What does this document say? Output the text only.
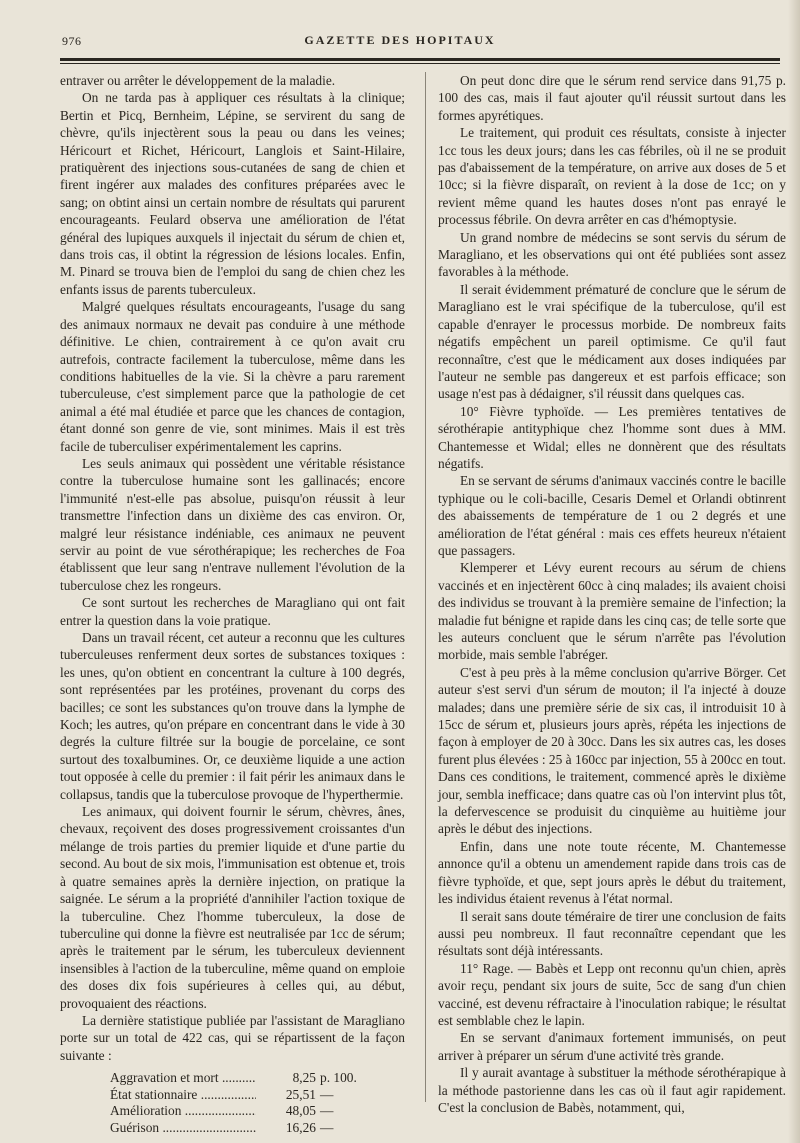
976	GAZETTE DES HOPITAUX

entraver ou arrêter le développement de la maladie.

On ne tarda pas à appliquer ces résultats à la clinique; Bertin et Picq, Bernheim, Lépine, se servirent du sang de chèvre, qu'ils injectèrent sous la peau ou dans les veines; Héricourt et Richet, Héricourt, Langlois et Saint-Hilaire, pratiquèrent des injections sous-cutanées de sang de chien et firent ingérer aux malades des confitures préparées avec le sang; on obtint ainsi un certain nombre de résultats qui parurent encourageants. Feulard observa une amélioration de l'état général des lupiques auxquels il injectait du sérum de chien et, dans trois cas, il obtint la régression de lésions locales. Enfin, M. Pinard se trouva bien de l'emploi du sang de chien chez les enfants issus de parents tuberculeux.

Malgré quelques résultats encourageants, l'usage du sang des animaux normaux ne devait pas conduire à une méthode définitive. Le chien, contrairement à ce qu'on avait cru autrefois, contracte facilement la tuberculose, même dans les conditions habituelles de la vie. Si la chèvre a paru rarement tuberculeuse, c'est simplement parce que la pathologie de cet animal a été mal étudiée et parce que les chances de contagion, étant donné son genre de vie, sont minimes. Mais il est très facile de tuberculiser expérimentalement les caprins.

Les seuls animaux qui possèdent une véritable résistance contre la tuberculose humaine sont les gallinacés; encore l'immunité n'est-elle pas absolue, puisqu'on réussit à leur transmettre l'infection dans un dixième des cas environ. Or, malgré leur résistance indéniable, ces animaux ne peuvent servir au point de vue sérothérapique; les recherches de Foa établissent que leur sang n'entrave nullement l'évolution de la tuberculose chez les rongeurs.

Ce sont surtout les recherches de Maragliano qui ont fait entrer la question dans la voie pratique.

Dans un travail récent, cet auteur a reconnu que les cultures tuberculeuses renferment deux sortes de substances toxiques : les unes, qu'on obtient en concentrant la culture à 100 degrés, sont représentées par les protéines, provenant du corps des bacilles; ce sont les substances qu'on trouve dans la lymphe de Koch; les autres, qu'on prépare en concentrant dans le vide à 30 degrés la culture filtrée sur la bougie de porcelaine, ce sont surtout des toxalbumines. Or, ce deuxième liquide a une action tout opposée à celle du premier : il fait périr les animaux dans le collapsus, tandis que la tuberculose provoque de l'hyperthermie.

Les animaux, qui doivent fournir le sérum, chèvres, ânes, chevaux, reçoivent des doses progressivement croissantes d'un mélange de trois parties du premier liquide et d'une partie du second. Au bout de six mois, l'immunisation est obtenue et, trois à quatre semaines après la dernière injection, on pratique la saignée. Le sérum a la propriété d'annihiler l'action toxique de la tuberculine. Chez l'homme tuberculeux, la dose de tuberculine qui donne la fièvre est neutralisée par 1cc de sérum; après le traitement par le sérum, les tuberculeux deviennent insensibles à l'action de la tuberculine, même quand on emploie des doses dix fois supérieures à celles qui, au début, provoquaient des réactions.

La dernière statistique publiée par l'assistant de Maragliano porte sur un total de 422 cas, qui se répartissent de la façon suivante :

Aggravation et mort .....	8,25 p. 100.
État stationnaire .....	25,51 —
Amélioration .....	48,05 —
Guérison .....	16,26 —

On peut donc dire que le sérum rend service dans 91,75 p. 100 des cas, mais il faut ajouter qu'il réussit surtout dans les formes apyrétiques.

Le traitement, qui produit ces résultats, consiste à injecter 1cc tous les deux jours; dans les cas fébriles, où il ne se produit pas d'abaissement de la température, on arrive aux doses de 5 et 10cc; si la fièvre disparaît, on revient à la dose de 1cc; on y revient même quand les hautes doses n'ont pas enrayé le processus fébrile. On devra arrêter en cas d'hémoptysie.

Un grand nombre de médecins se sont servis du sérum de Maragliano, et les observations qui ont été publiées sont assez favorables à la méthode.

Il serait évidemment prématuré de conclure que le sérum de Maragliano est le vrai spécifique de la tuberculose, qu'il est capable d'enrayer le processus morbide. De nombreux faits négatifs empêchent un pareil optimisme. Ce qu'il faut reconnaître, c'est que le médicament aux doses indiquées par l'auteur ne semble pas dangereux et est parfois efficace; son usage n'est pas à dédaigner, s'il réussit dans quelques cas.

10° Fièvre typhoïde. — Les premières tentatives de sérothérapie antityphique chez l'homme sont dues à MM. Chantemesse et Widal; elles ne donnèrent que des résultats négatifs.

En se servant de sérums d'animaux vaccinés contre le bacille typhique ou le coli-bacille, Cesaris Demel et Orlandi obtinrent des abaissements de température de 1 ou 2 degrés et une amélioration de l'état général : mais ces effets heureux n'étaient que passagers.

Klemperer et Lévy eurent recours au sérum de chiens vaccinés et en injectèrent 60cc à cinq malades; ils avaient choisi des individus se trouvant à la première semaine de l'infection; la maladie fut bénigne et rapide dans les cinq cas; de telle sorte que les auteurs concluent que le sérum n'arrête pas l'évolution morbide, mais semble l'abréger.

C'est à peu près à la même conclusion qu'arrive Börger. Cet auteur s'est servi d'un sérum de mouton; il l'a injecté à douze malades; dans une première série de six cas, il introduisit 10 à 15cc de sérum et, plusieurs jours après, répéta les injections de façon à employer de 20 à 30cc. Dans les six autres cas, les doses furent plus élevées : 25 à 160cc par injection, 55 à 200cc en tout. Dans ces conditions, le traitement, commencé après le dixième jour, sembla inefficace; dans quatre cas où l'on intervint plus tôt, la defervescence se produisit du cinquième au huitième jour après le début des injections.

Enfin, dans une note toute récente, M. Chantemesse annonce qu'il a obtenu un amendement rapide dans trois cas de fièvre typhoïde, et que, sept jours après le début du traitement, les individus étaient revenus à l'état normal.

Il serait sans doute téméraire de tirer une conclusion de faits aussi peu nombreux. Il faut reconnaître cependant que les résultats sont déjà intéressants.

11° Rage. — Babès et Lepp ont reconnu qu'un chien, après avoir reçu, pendant six jours de suite, 5cc de sang d'un chien vacciné, est devenu réfractaire à l'inoculation rabique; le résultat est semblable chez le lapin.

En se servant d'animaux fortement immunisés, on peut arriver à préparer un sérum d'une activité très grande.

Il y aurait avantage à substituer la méthode sérothérapique à la méthode pastorienne dans les cas où il faut agir rapidement. C'est la conclusion de Babès, notamment, qui,
